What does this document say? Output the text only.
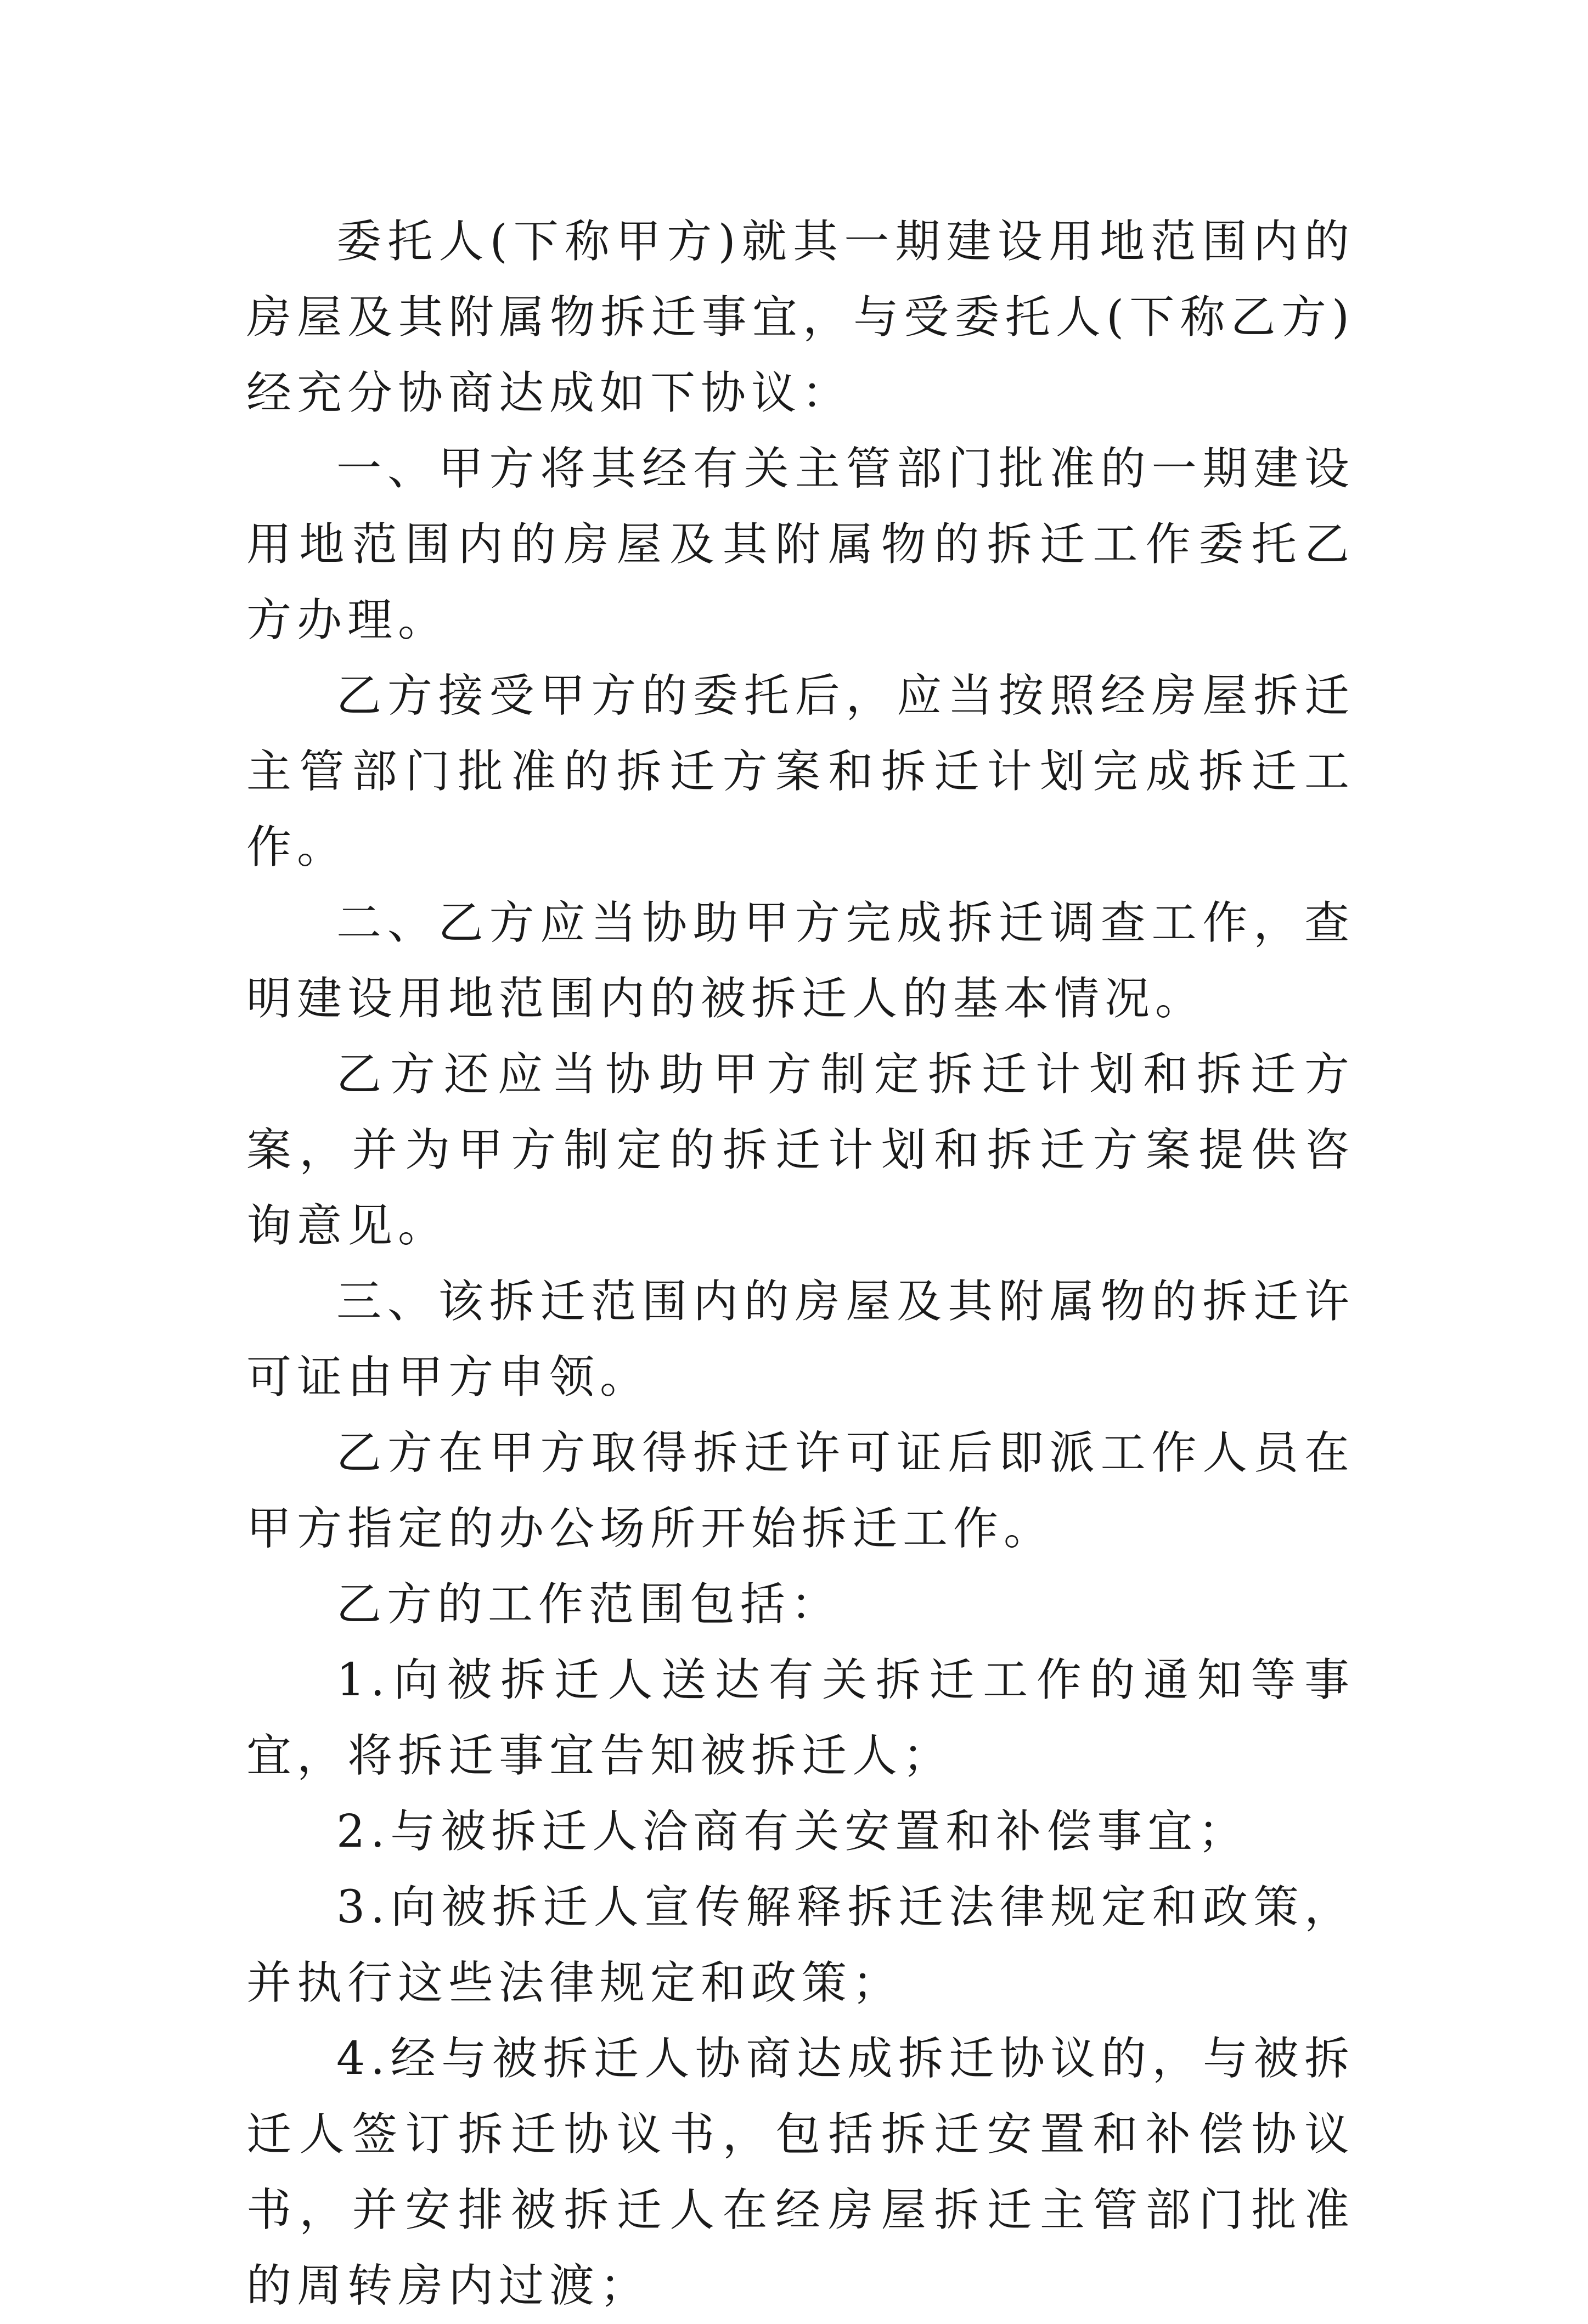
委托人(下称甲方)就其一期建设用地范围内的房屋及其附属物拆迁事宜，与受委托人(下称乙方)经充分协商达成如下协议：

一、甲方将其经有关主管部门批准的一期建设用地范围内的房屋及其附属物的拆迁工作委托乙方办理。

乙方接受甲方的委托后，应当按照经房屋拆迁主管部门批准的拆迁方案和拆迁计划完成拆迁工作。

二、乙方应当协助甲方完成拆迁调查工作，查明建设用地范围内的被拆迁人的基本情况。

乙方还应当协助甲方制定拆迁计划和拆迁方案，并为甲方制定的拆迁计划和拆迁方案提供咨询意见。

三、该拆迁范围内的房屋及其附属物的拆迁许可证由甲方申领。

乙方在甲方取得拆迁许可证后即派工作人员在甲方指定的办公场所开始拆迁工作。

乙方的工作范围包括：

1.向被拆迁人送达有关拆迁工作的通知等事宜，将拆迁事宜告知被拆迁人；

2.与被拆迁人洽商有关安置和补偿事宜；

3.向被拆迁人宣传解释拆迁法律规定和政策，并执行这些法律规定和政策；

4.经与被拆迁人协商达成拆迁协议的，与被拆迁人签订拆迁协议书，包括拆迁安置和补偿协议书，并安排被拆迁人在经房屋拆迁主管部门批准的周转房内过渡；
